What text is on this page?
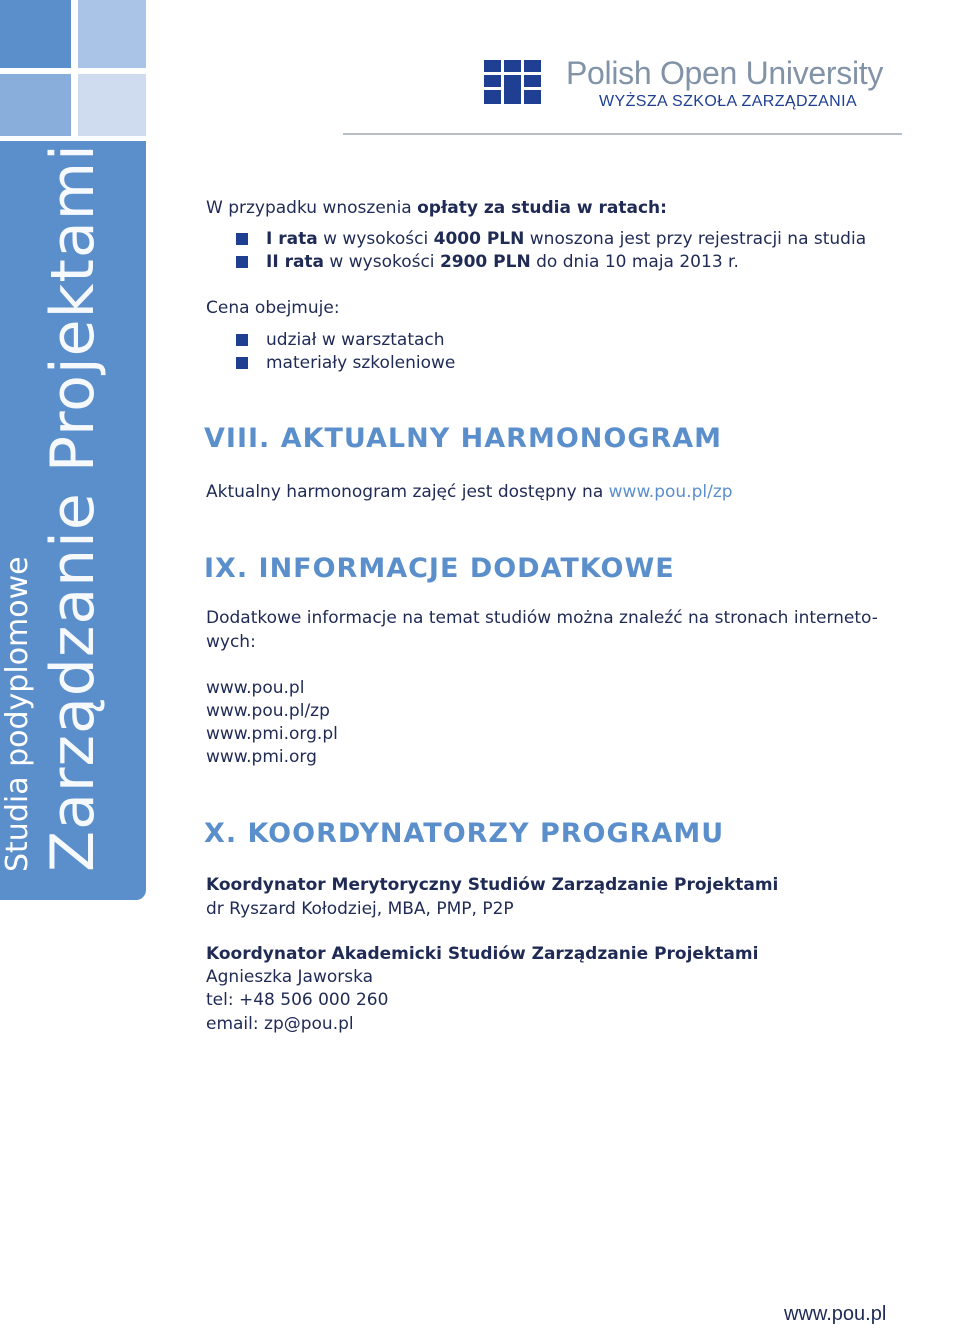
Studia podyplomowe Zarządzanie Projektami
Polish Open University
WYŻSZA SZKOŁA ZARZĄDZANIA
W przypadku wnoszenia opłaty za studia w ratach:
I rata w wysokości 4000 PLN wnoszona jest przy rejestracji na studia
II rata w wysokości 2900 PLN do dnia 10 maja 2013 r.
Cena obejmuje:
udział w warsztatach
materiały szkoleniowe
VIII. AKTUALNY HARMONOGRAM
Aktualny harmonogram zajęć jest dostępny na www.pou.pl/zp
IX. INFORMACJE DODATKOWE
Dodatkowe informacje na temat studiów można znaleźć na stronach interneto-
wych:
www.pou.pl
www.pou.pl/zp
www.pmi.org.pl
www.pmi.org
X. KOORDYNATORZY PROGRAMU
Koordynator Merytoryczny Studiów Zarządzanie Projektami
dr Ryszard Kołodziej, MBA, PMP, P2P
Koordynator Akademicki Studiów Zarządzanie Projektami
Agnieszka Jaworska
tel: +48 506 000 260
email: zp@pou.pl
www.pou.pl
